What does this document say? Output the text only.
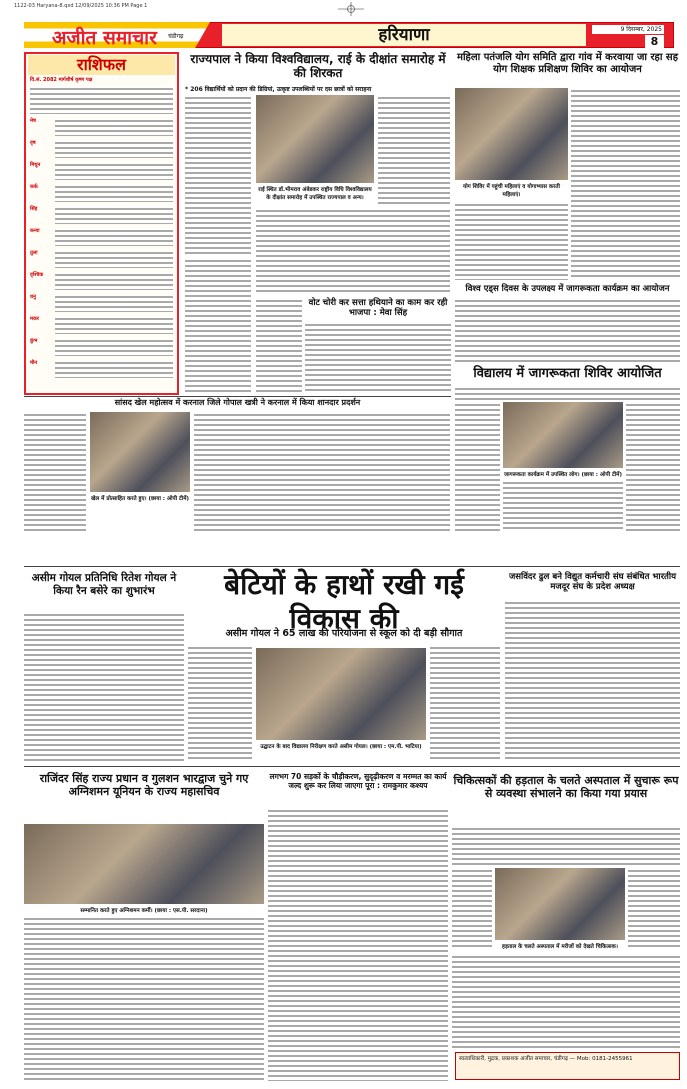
1122-03 Haryana-8.qxd 12/09/2025 10:36 PM Page 1
अजीत समाचार चंडीगढ़	हरियाणा	9 दिसम्बर, 2025
8
राशिफल
वि.सं. 2082 मार्गशीर्ष कृष्ण पक्ष
मेष
वृष
मिथुन
कर्क
सिंह
कन्या
तुला
वृश्चिक
धनु
मकर
कुंभ
मीन
राज्यपाल ने किया विश्वविद्यालय, राई के दीक्षांत समारोह में की शिरकत
* 206 विद्यार्थियों को प्रदान की डिग्रियां, उत्कृष्ट उपलब्धियों पर दस छात्रों को सराहना
राई स्थित डॉ.भीमराव अंबेडकर राष्ट्रीय विधि विश्वविद्यालय के दीक्षांत समारोह में उपस्थित राज्यपाल व अन्य।
वोट चोरी कर सत्ता हथियाने का काम कर रही भाजपा : मेवा सिंह
महिला पतंजलि योग समिति द्वारा गांव में करवाया जा रहा सह योग शिक्षक प्रशिक्षण शिविर का आयोजन
योग शिविर में पहुंची महिलाएं व योगाभ्यास करती महिलाएं।
विश्व एड्स दिवस के उपलक्ष्य में जागरूकता कार्यक्रम का आयोजन
विद्यालय में जागरूकता शिविर आयोजित
जागरूकता कार्यक्रम में उपस्थित लोग। (छाया : ओपी टीमें)
सांसद खेल महोत्सव में करनाल जिले गोपाल खत्री ने करनाल में किया शानदार प्रदर्शन
खेल में प्रोत्साहित करते हुए। (छाया : ओपी टीमें)
असीम गोयल प्रतिनिधि रितेश गोयल ने किया रैन बसेरे का शुभारंभ	बेटियों के हाथों रखी गई विकास की
असीम गोयल ने 65 लाख की परियोजना से स्कूल को दी बड़ी सौगात
उद्घाटन के बाद विद्यालय निरीक्षण करते असीम गोयल। (छाया : एम.पी. भाटिया)
जसविंदर ढुल बने विद्युत कर्मचारी संघ संबंधित भारतीय मजदूर संघ के प्रदेश अध्यक्ष
राजिंदर सिंह राज्य प्रधान व गुलशन भारद्वाज चुने गए अग्निशमन यूनियन के राज्य महासचिव
सम्मानित करते हुए अग्निशमन कर्मी। (छाया : एस.पी. सरदाना)
लगभग 70 सड़कों के चौड़ीकरण, सुदृढ़ीकरण व मरम्मत का कार्य जल्द शुरू कर लिया जाएगा पूरा : रामकुमार कश्यप	चिकित्सकों की हड़ताल के चलते अस्पताल में सुचारू रूप से व्यवस्था संभालने का किया गया प्रयास
हड़ताल के चलते अस्पताल में मरीजों को देखते चिकित्सक।
स्वत्वाधिकारी, मुद्रक, प्रकाशक अजीत समाचार, चंडीगढ़ — Mob: 0181-2455961
